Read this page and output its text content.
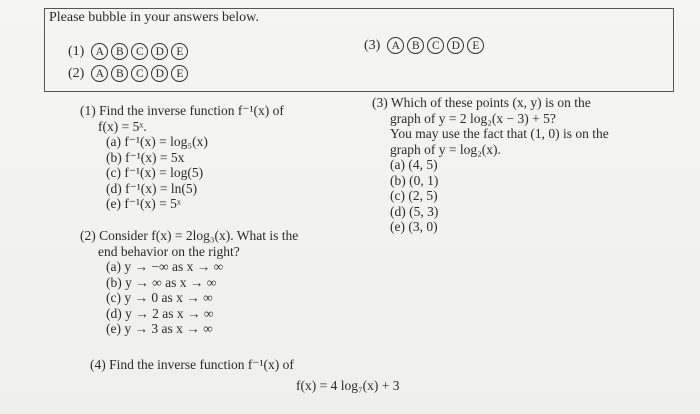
Please bubble in your answers below.
(1) A	B	C	D	E
(2) A	B	C	D	E
(3) A	B	C	D	E
(1) Find the inverse function f⁻¹(x) of
f(x) = 5ˣ.
(a) f⁻¹(x) = log₅(x)
(b) f⁻¹(x) = 5x
(c) f⁻¹(x) = log(5)
(d) f⁻¹(x) = ln(5)
(e) f⁻¹(x) = 5ˣ
(2) Consider f(x) = 2log₃(x). What is the
end behavior on the right?
(a) y → −∞ as x → ∞
(b) y → ∞ as x → ∞
(c) y → 0 as x → ∞
(d) y → 2 as x → ∞
(e) y → 3 as x → ∞
(3) Which of these points (x, y) is on the
graph of y = 2 log₂(x − 3) + 5?
You may use the fact that (1, 0) is on the
graph of y = log₂(x).
(a) (4, 5)
(b) (0, 1)
(c) (2, 5)
(d) (5, 3)
(e) (3, 0)
(4) Find the inverse function f⁻¹(x) of
f(x) = 4 log₇(x) + 3
